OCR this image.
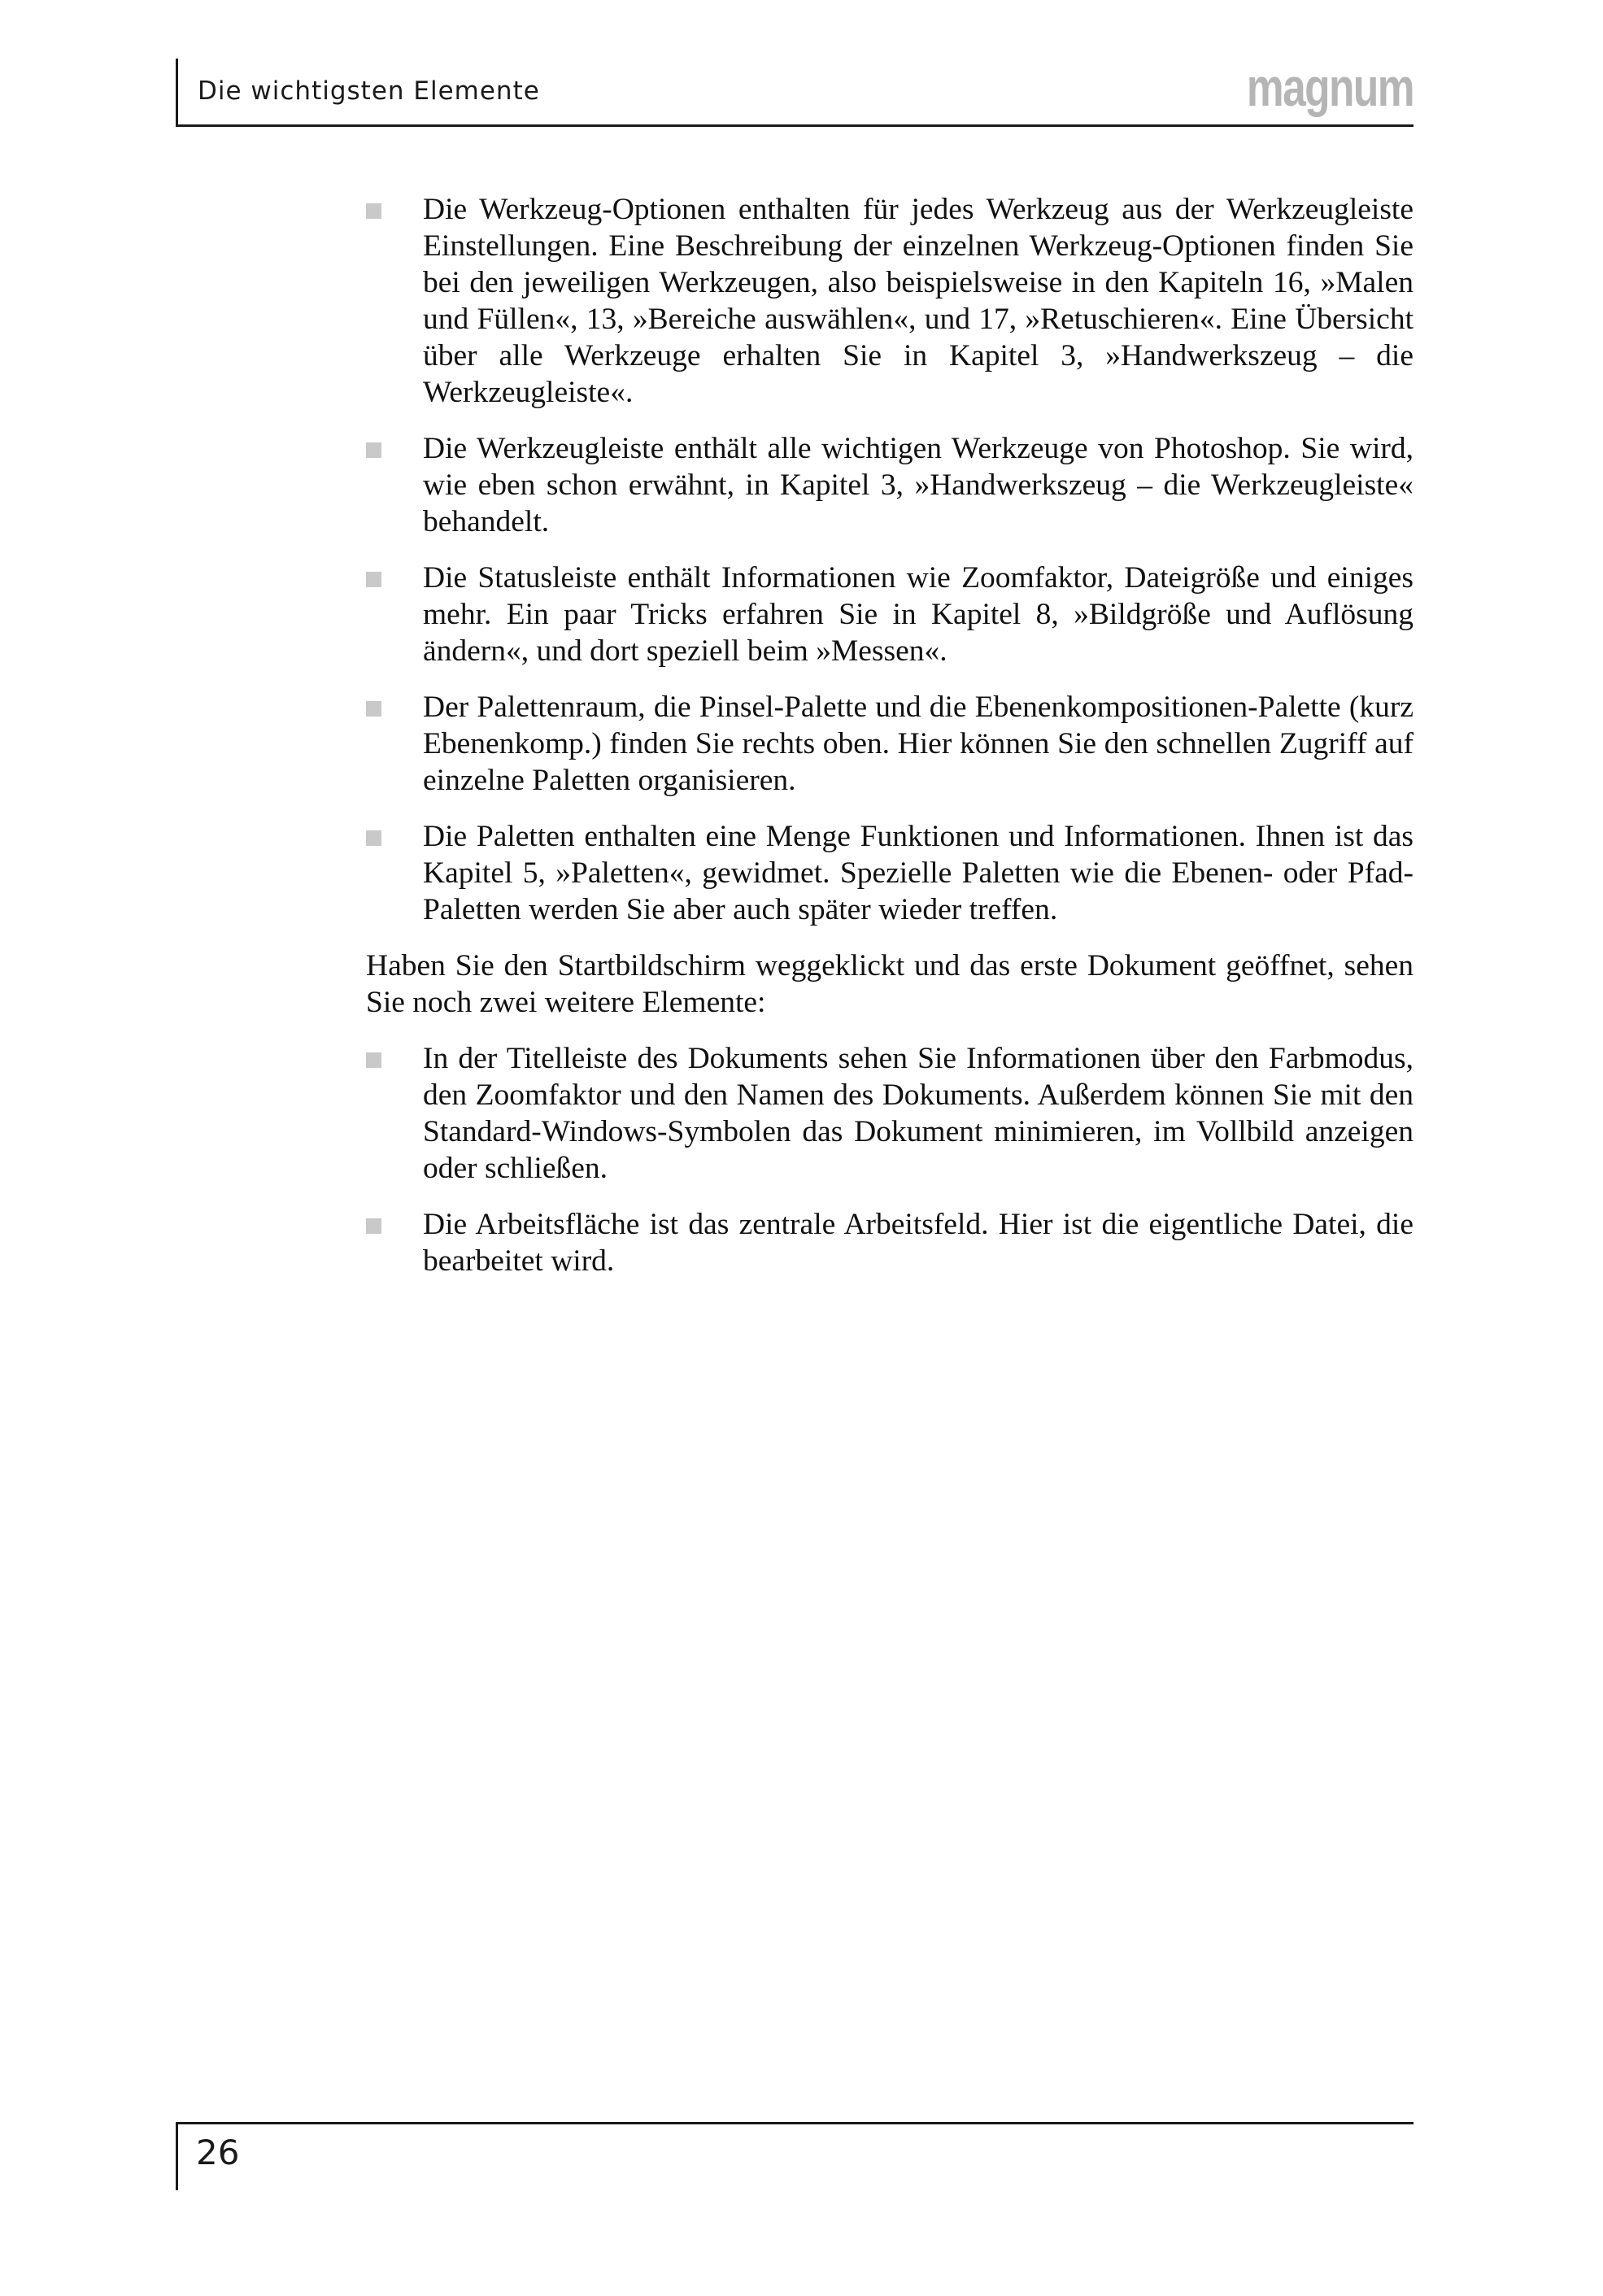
Die wichtigsten Elemente	magnum
Die Werkzeug-Optionen enthalten für jedes Werkzeug aus der Werkzeugleiste Einstellungen. Eine Beschreibung der einzelnen Werkzeug-Optionen finden Sie bei den jeweiligen Werkzeugen, also beispielsweise in den Kapiteln 16, »Malen und Füllen«, 13, »Bereiche auswählen«, und 17, »Retuschieren«. Eine Übersicht über alle Werkzeuge erhalten Sie in Kapitel 3, »Handwerkszeug – die Werkzeugleiste«.
Die Werkzeugleiste enthält alle wichtigen Werkzeuge von Photoshop. Sie wird, wie eben schon erwähnt, in Kapitel 3, »Handwerkszeug – die Werkzeugleiste« behandelt.
Die Statusleiste enthält Informationen wie Zoomfaktor, Dateigröße und einiges mehr. Ein paar Tricks erfahren Sie in Kapitel 8, »Bildgröße und Auflösung ändern«, und dort speziell beim »Messen«.
Der Palettenraum, die Pinsel-Palette und die Ebenenkompositionen-Palette (kurz Ebenenkomp.) finden Sie rechts oben. Hier können Sie den schnellen Zugriff auf einzelne Paletten organisieren.
Die Paletten enthalten eine Menge Funktionen und Informationen. Ihnen ist das Kapitel 5, »Paletten«, gewidmet. Spezielle Paletten wie die Ebenen- oder Pfad-Paletten werden Sie aber auch später wieder treffen.

Haben Sie den Startbildschirm weggeklickt und das erste Dokument geöffnet, sehen Sie noch zwei weitere Elemente:

In der Titelleiste des Dokuments sehen Sie Informationen über den Farbmodus, den Zoomfaktor und den Namen des Dokuments. Außerdem können Sie mit den Standard-Windows-Symbolen das Dokument minimieren, im Vollbild anzeigen oder schließen.
Die Arbeitsfläche ist das zentrale Arbeitsfeld. Hier ist die eigentliche Datei, die bearbeitet wird.
26
